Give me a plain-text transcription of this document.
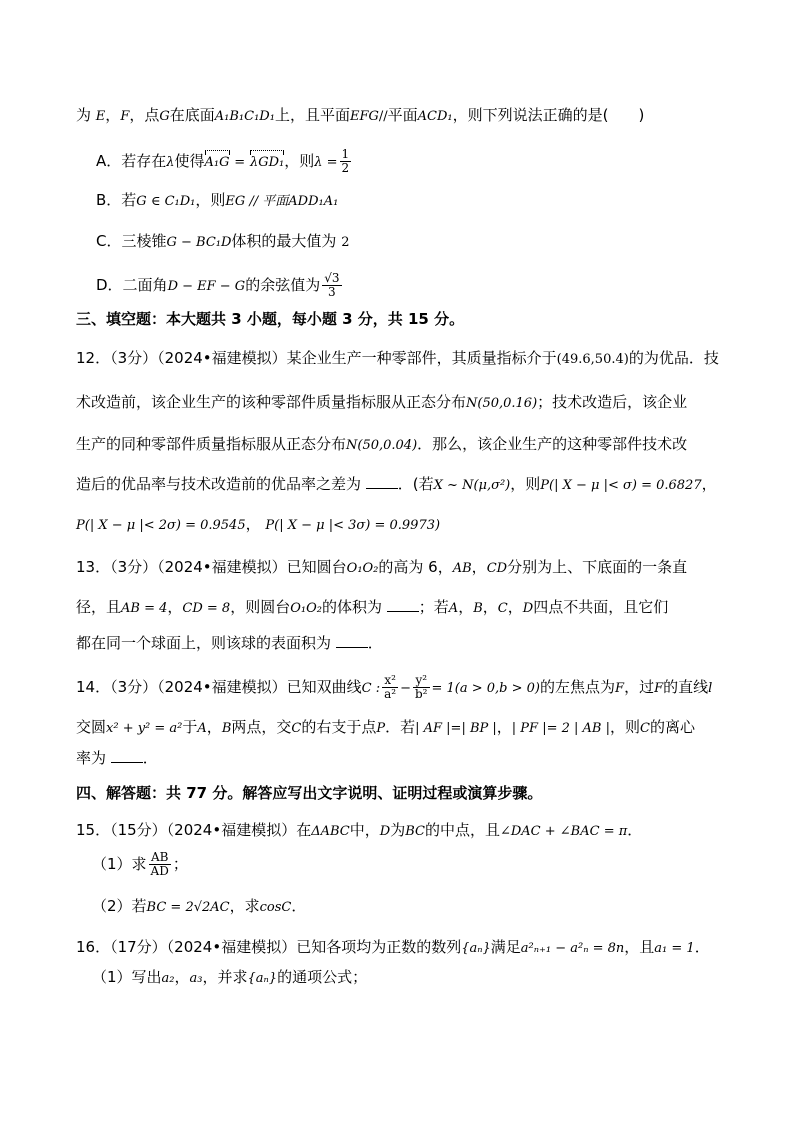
为 E，F，点G在底面A₁B₁C₁D₁上，且平面EFG//平面ACD₁，则下列说法正确的是(　　)
A．若存在λ使得A₁G = λGD₁，则$\lambda = \frac{1}{2}$
B．若G ∈ C₁D₁，则EG // 平面ADD₁A₁
C．三棱锥G − BC₁D体积的最大值为 2
D．二面角D − EF − G的余弦值为 $\frac{√3}{3}$
三、填空题：本大题共 3 小题，每小题 3 分，共 15 分。
12．（3分）（2024•福建模拟）某企业生产一种零部件，其质量指标介于(49.6,50.4)的为优品．技
术改造前，该企业生产的该种零部件质量指标服从正态分布N(50,0.16)；技术改造后，该企业
生产的同种零部件质量指标服从正态分布N(50,0.04)．那么，该企业生产的这种零部件技术改
造后的优品率与技术改造前的优品率之差为 ．(若X ~ N(μ,σ²)，则P(| X − μ |< σ) = 0.6827，
P(| X − μ |< 2σ) = 0.9545， P(| X − μ |< 3σ) = 0.9973)
13．（3分）（2024•福建模拟）已知圆台O₁O₂的高为 6，AB，CD分别为上、下底面的一条直
径，且AB = 4，CD = 8，则圆台O₁O₂的体积为 ；若A，B，C，D四点不共面，且它们
都在同一个球面上，则该球的表面积为 ．
14．（3分）（2024•福建模拟）已知双曲线C : $\frac{\text{x²}}{\text{a²}} - \frac{\text{y²}}{\text{b²}} = 1(a > 0,b > 0)$的左焦点为F，过F的直线l
交圆x² + y² = a²于A，B两点，交C的右支于点P．若| AF |=| BP |，| PF |= 2 | AB |，则C的离心
率为 ．
四、解答题：共 77 分。解答应写出文字说明、证明过程或演算步骤。
15．（15分）（2024•福建模拟）在ΔABC中，D为BC的中点，且∠DAC + ∠BAC = π．
（1）求 $\frac{AB}{AD}$ ；
（2）若BC = 2√2AC，求cosC．
16．（17分）（2024•福建模拟）已知各项均为正数的数列{aₙ}满足a²ₙ₊₁ − a²ₙ = 8n，且a₁ = 1．
（1）写出a₂，a₃，并求{aₙ}的通项公式；
